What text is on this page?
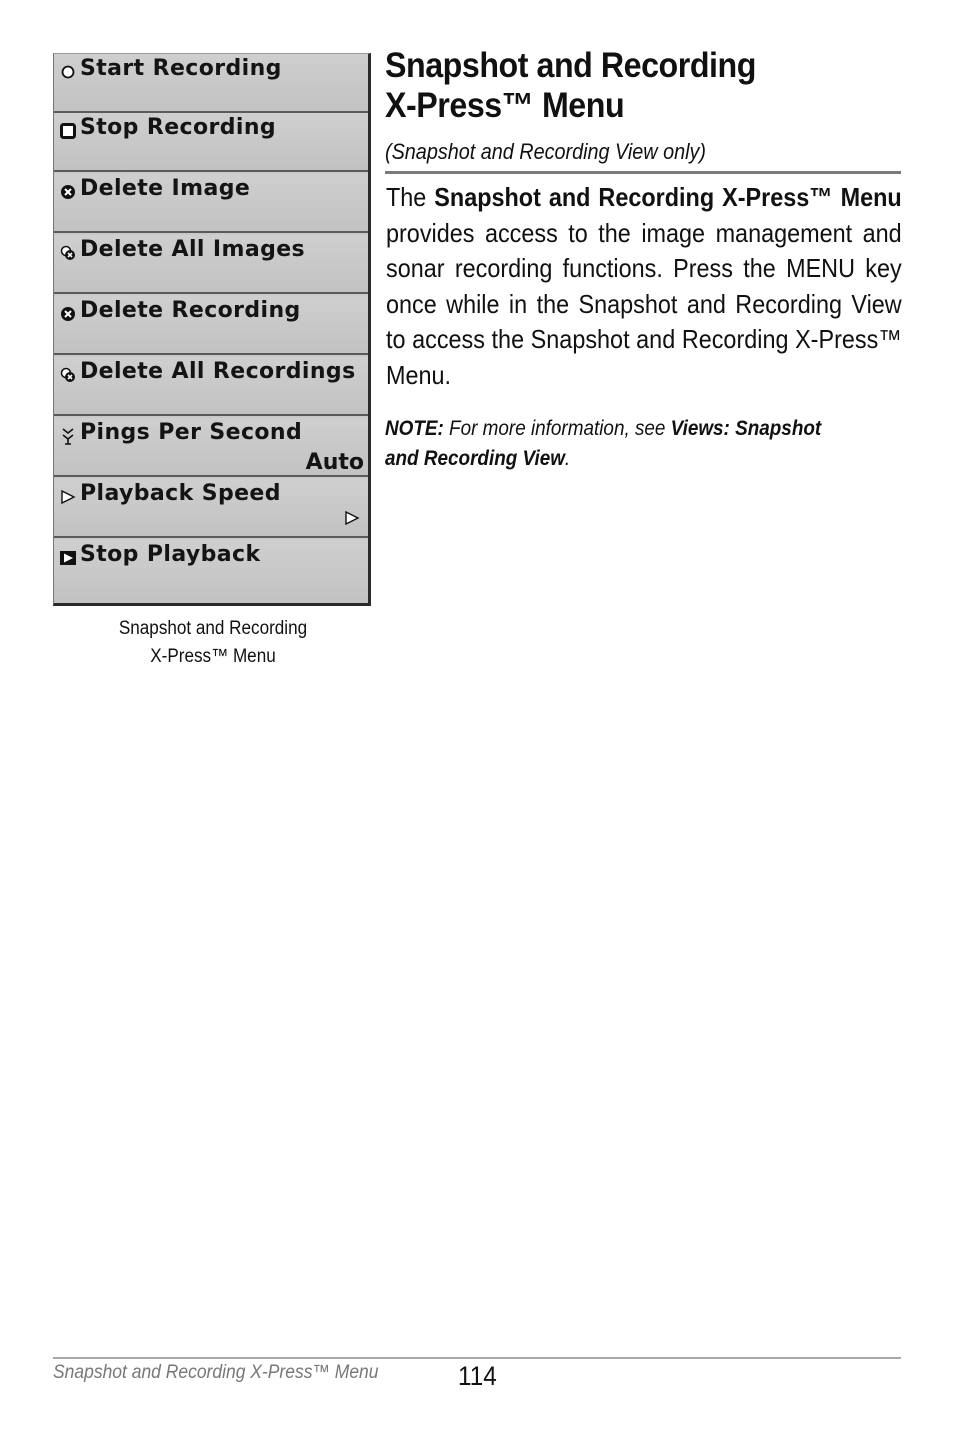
Start Recording
Stop Recording
Delete Image
Delete All Images
Delete Recording
Delete All Recordings
Pings Per Second
Auto
Playback Speed
Stop Playback
Snapshot and Recording
X-Press™ Menu
Snapshot and Recording
X-Press™ Menu
(Snapshot and Recording View only)
The Snapshot and Recording X-Press™ Menu provides access to the image management and sonar recording functions. Press the MENU key once while in the Snapshot and Recording View to access the Snapshot and Recording X-Press™ Menu.
NOTE: For more information, see Views: Snapshot and Recording View.
Snapshot and Recording X-Press™ Menu	114
